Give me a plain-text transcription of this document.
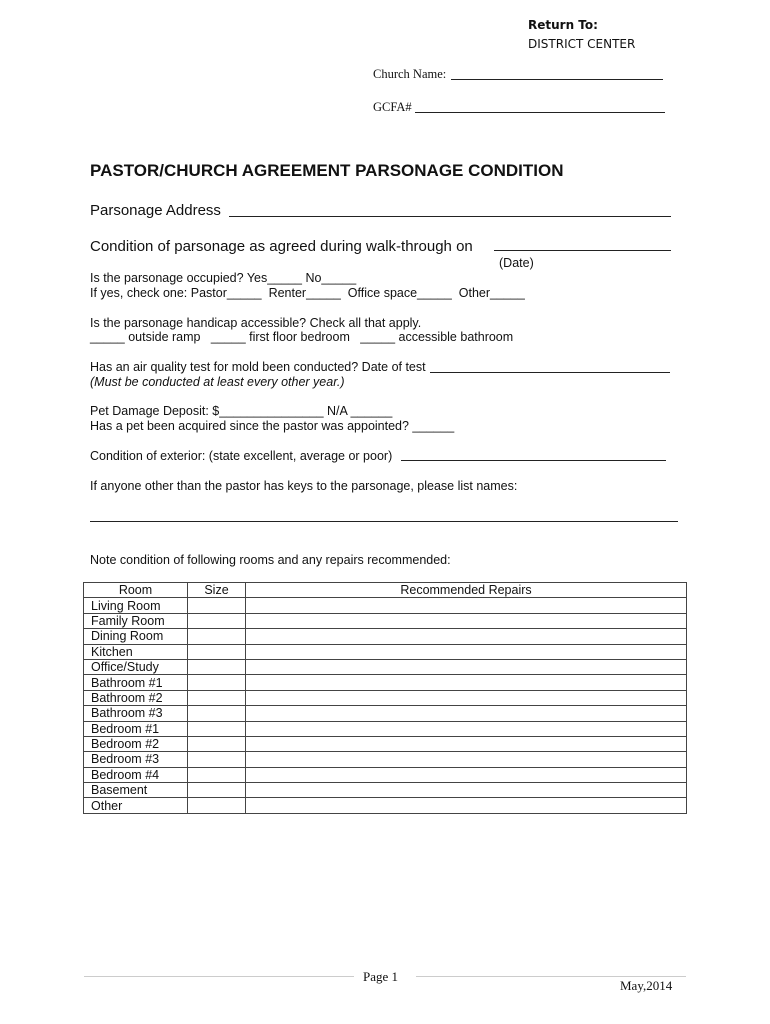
Return To:
DISTRICT CENTER
Church Name:
GCFA#
PASTOR/CHURCH AGREEMENT PARSONAGE CONDITION
Parsonage Address
Condition of parsonage as agreed during walk-through on
(Date)
Is the parsonage occupied? Yes_____ No_____
If yes, check one: Pastor_____  Renter_____  Office space_____  Other_____
Is the parsonage handicap accessible? Check all that apply.
_____ outside ramp   _____ first floor bedroom   _____ accessible bathroom
Has an air quality test for mold been conducted? Date of test
(Must be conducted at least every other year.)
Pet Damage Deposit: $_______________ N/A ______
Has a pet been acquired since the pastor was appointed? ______
Condition of exterior: (state excellent, average or poor)
If anyone other than the pastor has keys to the parsonage, please list names:
Note condition of following rooms and any repairs recommended:
Room	Size	Recommended Repairs
Living Room		
Family Room		
Dining Room		
Kitchen		
Office/Study		
Bathroom #1		
Bathroom #2		
Bathroom #3		
Bedroom #1		
Bedroom #2		
Bedroom #3		
Bedroom #4		
Basement		
Other		
Page 1
May,2014
